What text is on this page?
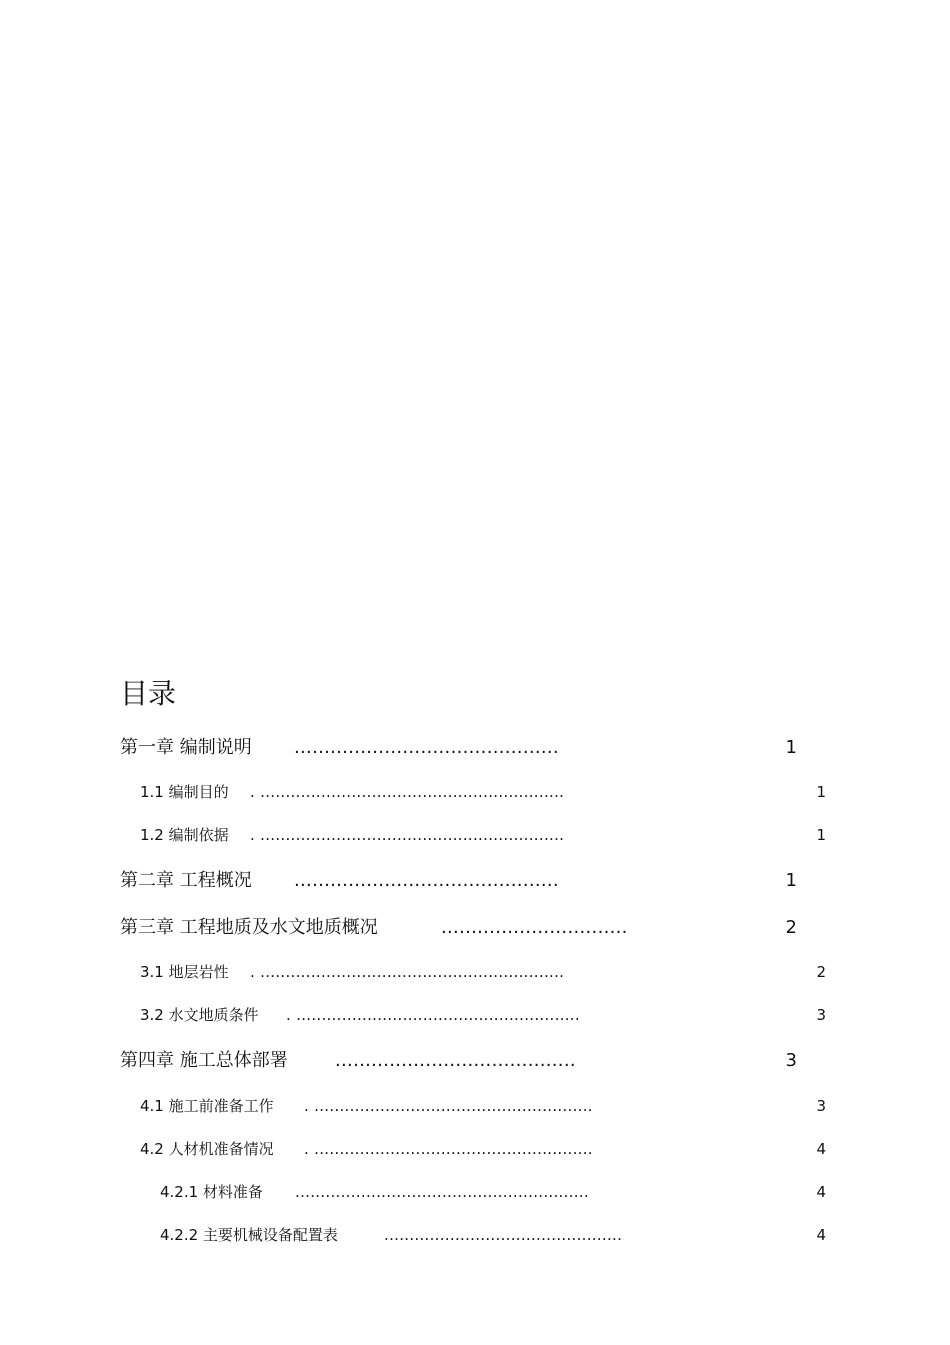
目录
第一章 编制说明 ............................................	1
1.1 编制目的 . ............................................................	1
1.2 编制依据 . ............................................................	1
第二章 工程概况 ............................................	1
第三章 工程地质及水文地质概况	...............................	2
3.1 地层岩性 . ............................................................	2
3.2 水文地质条件 . ........................................................	3
第四章 施工总体部署	........................................	3
4.1 施工前准备工作 . .......................................................	3
4.2 人材机准备情况 . .......................................................	4
4.2.1 材料准备 ..........................................................	4
4.2.2 主要机械设备配置表	...............................................	4
